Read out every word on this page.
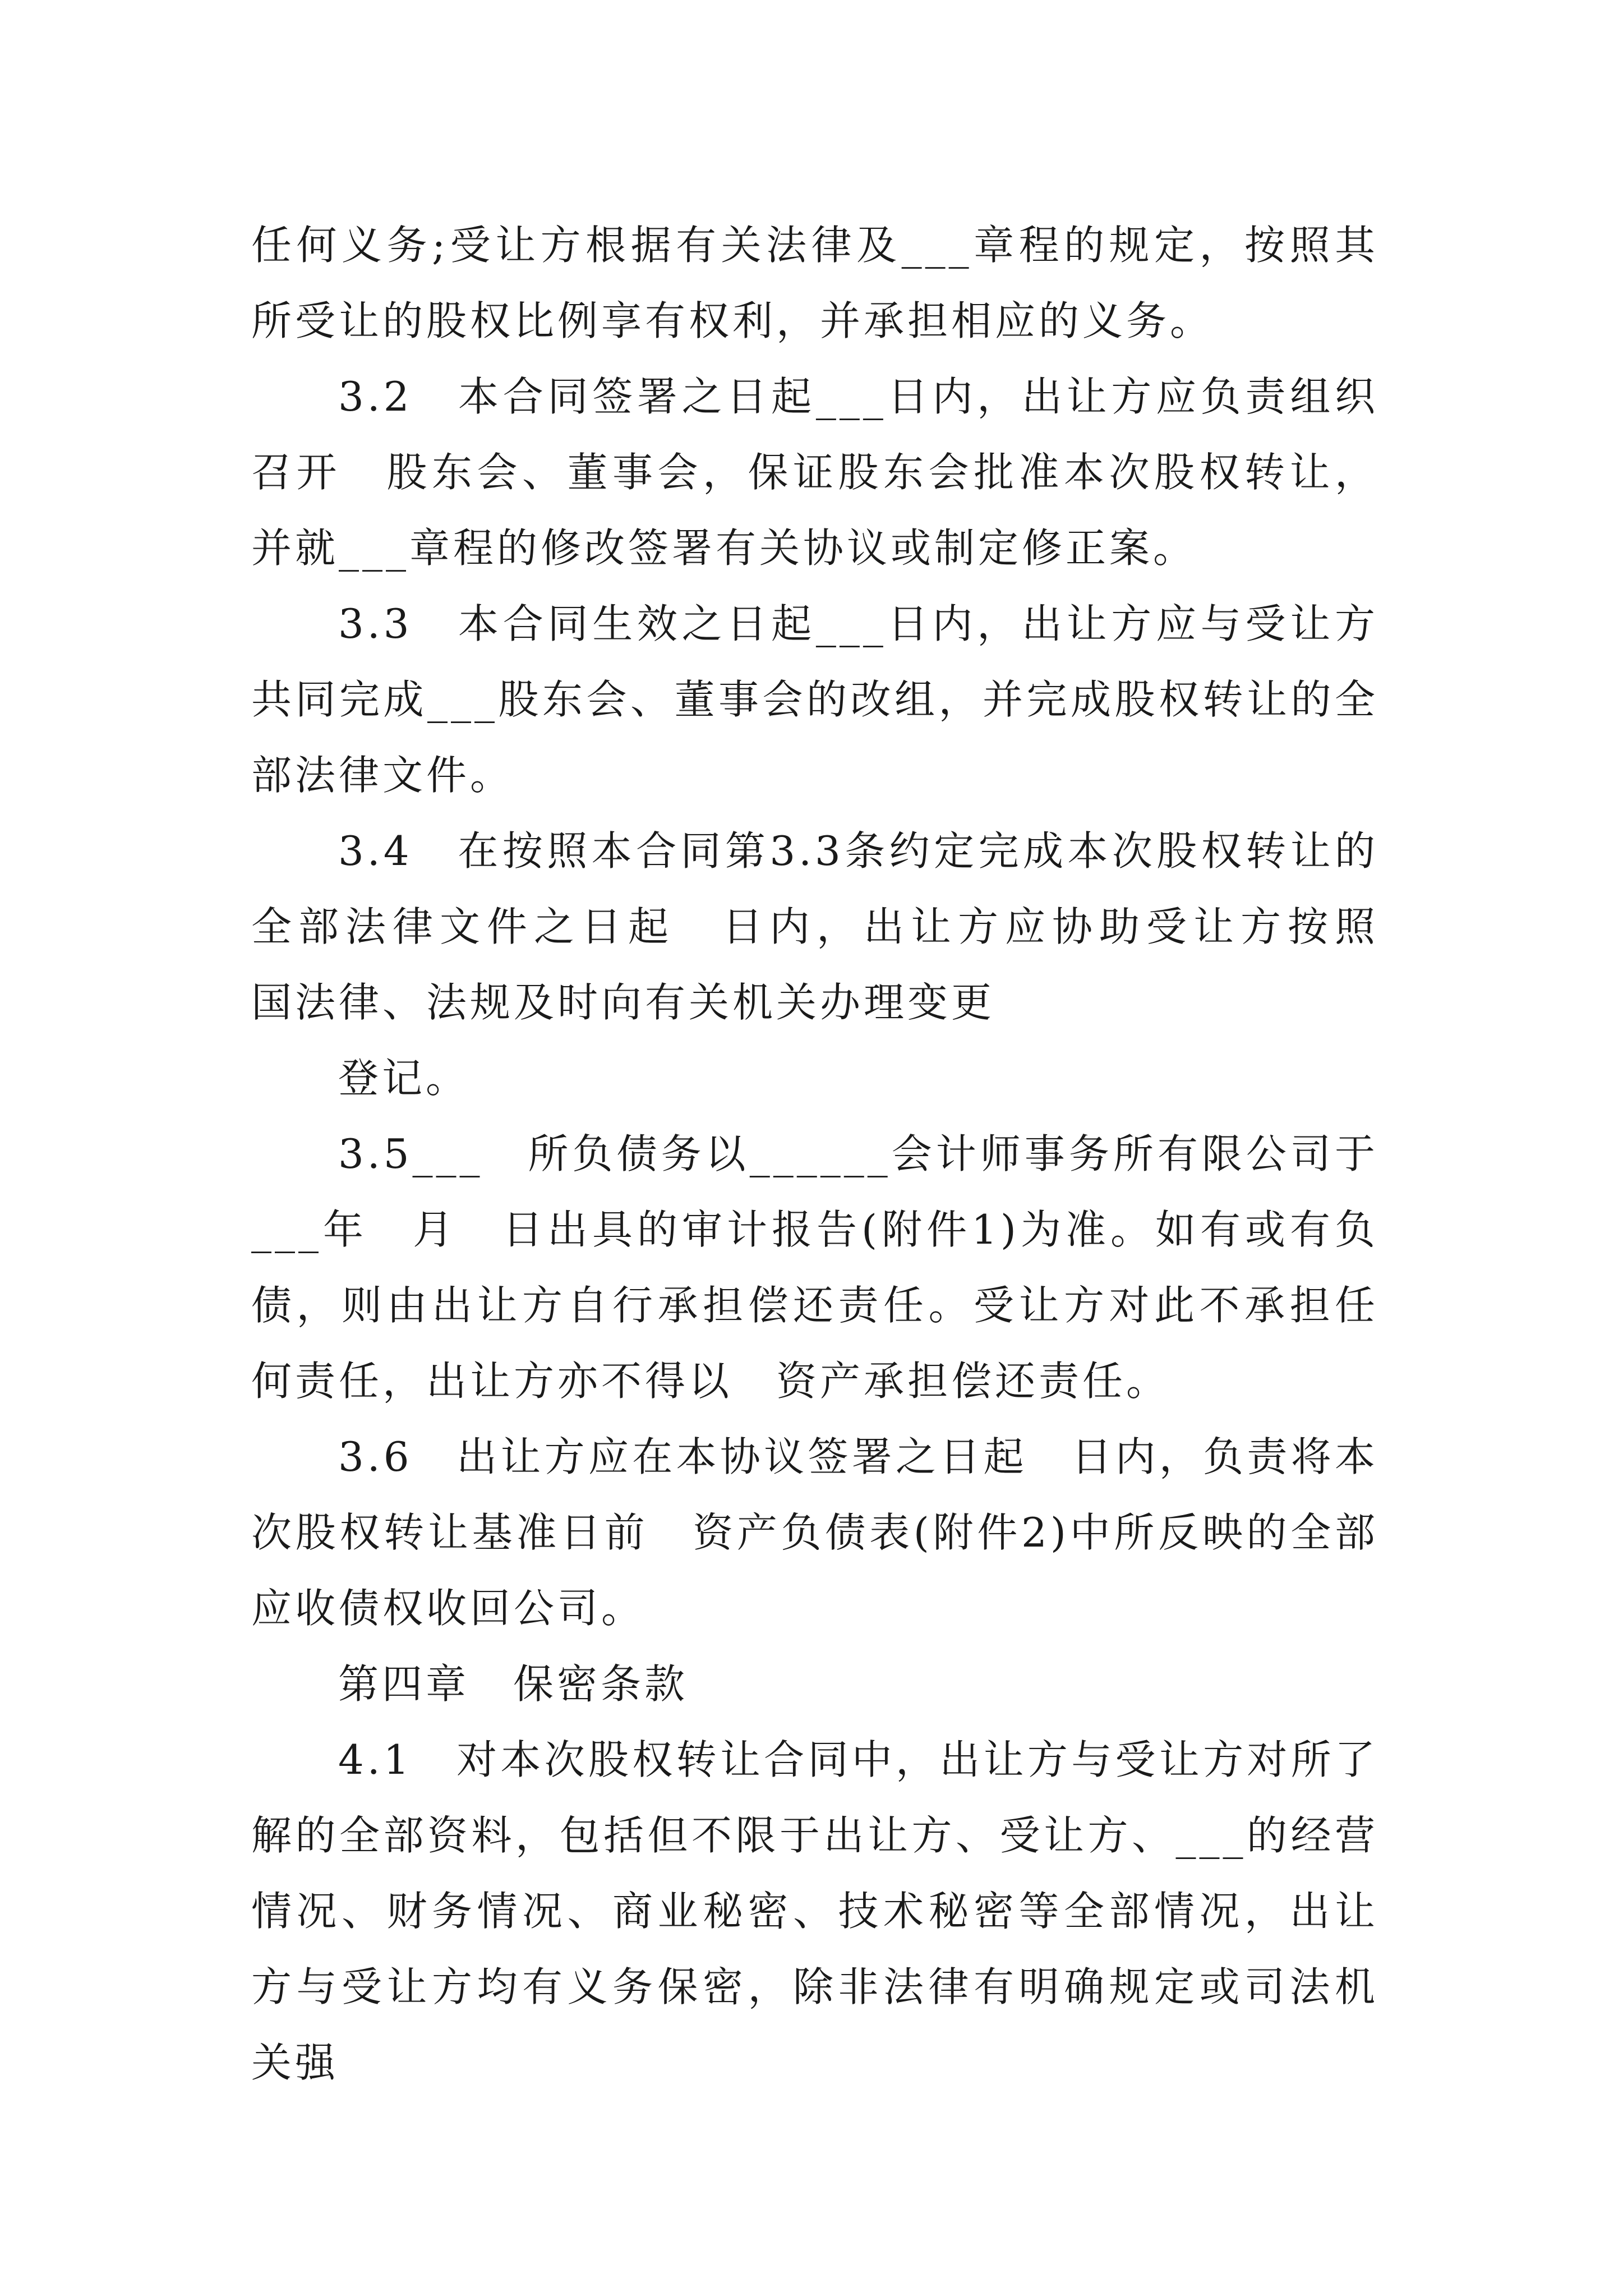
任何义务;受让方根据有关法律及___章程的规定，按照其所受让的股权比例享有权利，并承担相应的义务。

3.2　本合同签署之日起___日内，出让方应负责组织召开　股东会、董事会，保证股东会批准本次股权转让，并就___章程的修改签署有关协议或制定修正案。

3.3　本合同生效之日起___日内，出让方应与受让方共同完成___股东会、董事会的改组，并完成股权转让的全部法律文件。

3.4　在按照本合同第3.3条约定完成本次股权转让的全部法律文件之日起　日内，出让方应协助受让方按照　国法律、法规及时向有关机关办理变更

登记。

3.5___　所负债务以______会计师事务所有限公司于___年　月　日出具的审计报告(附件1)为准。如有或有负债，则由出让方自行承担偿还责任。受让方对此不承担任何责任，出让方亦不得以　资产承担偿还责任。

3.6　出让方应在本协议签署之日起　日内，负责将本次股权转让基准日前　资产负债表(附件2)中所反映的全部应收债权收回公司。

第四章　保密条款

4.1　对本次股权转让合同中，出让方与受让方对所了解的全部资料，包括但不限于出让方、受让方、___的经营情况、财务情况、商业秘密、技术秘密等全部情况，出让方与受让方均有义务保密，除非法律有明确规定或司法机关强
